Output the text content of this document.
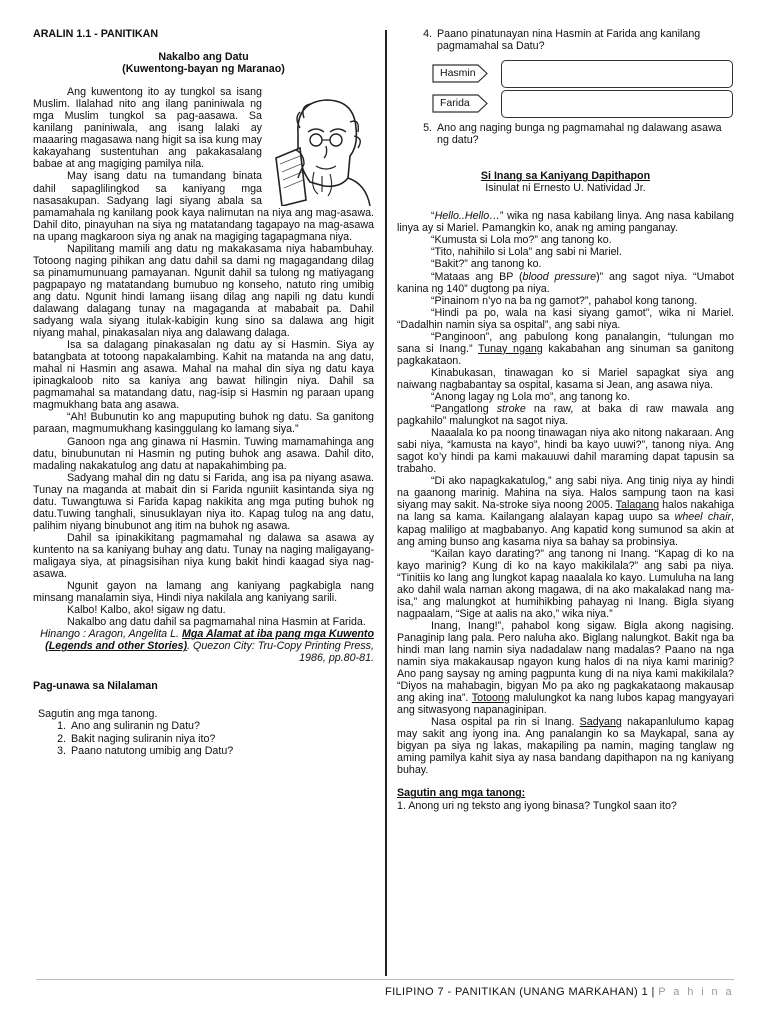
ARALIN 1.1 - PANITIKAN

Nakalbo ang Datu

(Kuwentong-bayan ng Maranao)

Ang kuwentong ito ay tungkol sa isang Muslim. Ilalahad nito ang ilang paniniwala ng mga Muslim tungkol sa pag-aasawa. Sa kanilang paniniwala, ang isang lalaki ay maaaring magasawa nang higit sa isa kung may kakayahang sustentuhan ang pakakasalang babae at ang magiging pamilya nila.

May isang datu na tumandang binata dahil sapaglilingkod sa kaniyang mga nasasakupan. Sadyang lagi siyang abala sa pamamahala ng kanilang pook kaya nalimutan na niya ang mag-asawa. Dahil dito, pinayuhan na siya ng matatandang tagapayo na mag-asawa na upang magkaroon siya ng anak na magiging tagapagmana niya.

Napilitang mamili ang datu ng makakasama niya habambuhay. Totoong naging pihikan ang datu dahil sa dami ng magagandang dilag sa pinamumunuang pamayanan. Ngunit dahil sa tulong ng matiyagang pagpapayo ng matatandang bumubuo ng konseho, natuto ring umibig ang datu. Ngunit hindi lamang iisang dilag ang napili ng datu kundi dalawang dalagang tunay na magaganda at mababait pa. Dahil sadyang wala siyang itulak-kabigin kung sino sa dalawa ang higit niyang mahal, pinakasalan niya ang dalawang dalaga.

Isa sa dalagang pinakasalan ng datu ay si Hasmin. Siya ay batangbata at totoong napakalambing. Kahit na matanda na ang datu, mahal ni Hasmin ang asawa. Mahal na mahal din siya ng datu kaya ipinagkaloob nito sa kaniya ang bawat hilingin niya. Dahil sa pagmamahal sa matandang datu, nag-isip si Hasmin ng paraan upang magmukhang bata ang asawa.

“Ah! Bubunutin ko ang mapuputing buhok ng datu. Sa ganitong paraan, magmumukhang kasinggulang ko lamang siya.”

Ganoon nga ang ginawa ni Hasmin. Tuwing mamamahinga ang datu, binubunutan ni Hasmin ng puting buhok ang asawa. Dahil dito, madaling nakakatulog ang datu at napakahimbing pa.

Sadyang mahal din ng datu si Farida, ang isa pa niyang asawa. Tunay na maganda at mabait din si Farida nguniit kasintanda siya ng datu. Tuwangtuwa si Farida kapag nakikita ang mga puting buhok ng datu.Tuwing tanghali, sinusuklayan niya ito. Kapag tulog na ang datu, palihim niyang binubunot ang itim na buhok ng asawa.

Dahil sa ipinakikitang pagmamahal ng dalawa sa asawa ay kuntento na sa kaniyang buhay ang datu. Tunay na naging maligayang-maligaya siya, at pinagsisihan niya kung bakit hindi kaagad siya nag-asawa.

Ngunit gayon na lamang ang kaniyang pagkabigla nang minsang manalamin siya, Hindi niya nakilala ang kaniyang sarili.

Kalbo! Kalbo, ako! sigaw ng datu.

Nakalbo ang datu dahil sa pagmamahal nina Hasmin at Farida.

Hinango : Aragon, Angelita L. Mga Alamat at iba pang mga Kuwento (Legends and other Stories). Quezon City: Tru-Copy Printing Press, 1986, pp.80-81.

Pag-unawa sa Nilalaman

Sagutin ang mga tanong.

1. Ano ang suliranin ng Datu?
2. Bakit naging suliranin niya ito?
3. Paano natutong umibig ang Datu?
4. Paano pinatunayan nina Hasmin at Farida ang kanilang pagmamahal sa Datu?
Hasmin
Farida
5. Ano ang naging bunga ng pagmamahal ng dalawang asawa ng datu?

Si Inang sa Kaniyang Dapithapon

Isinulat ni Ernesto U. Natividad Jr.

“Hello..Hello…” wika ng nasa kabilang linya. Ang nasa kabilang linya ay si Mariel. Pamangkin ko, anak ng aming panganay.

“Kumusta si Lola mo?” ang tanong ko.

“Tito, nahihilo si Lola” ang sabi ni Mariel.

“Bakit?” ang tanong ko.

“Mataas ang BP (blood pressure)” ang sagot niya. “Umabot kanina ng 140” dugtong pa niya.

“Pinainom n’yo na ba ng gamot?”, pahabol kong tanong.

“Hindi pa po, wala na kasi siyang gamot”, wika ni Mariel. “Dadalhin namin siya sa ospital”, ang sabi niya.

“Panginoon”, ang pabulong kong panalangin, “tulungan mo sana si Inang.” Tunay ngang kakabahan ang sinuman sa ganitong pagkakataon.

Kinabukasan, tinawagan ko si Mariel sapagkat siya ang naiwang nagbabantay sa ospital, kasama si Jean, ang asawa niya.

“Anong lagay ng Lola mo”, ang tanong ko.

“Pangatlong stroke na raw, at baka di raw mawala ang pagkahilo” malungkot na sagot niya.

Naaalala ko pa noong tinawagan niya ako nitong nakaraan. Ang sabi niya, “kamusta na kayo”, hindi ba kayo uuwi?”, tanong niya. Ang sagot ko’y hindi pa kami makauuwi dahil maraming dapat tapusin sa trabaho.

“Di ako napagkakatulog,” ang sabi niya. Ang tinig niya ay hindi na gaanong marinig. Mahina na siya. Halos sampung taon na kasi siyang may sakit. Na-stroke siya noong 2005. Talagang halos nakahiga na lang sa kama. Kailangang alalayan kapag uupo sa wheel chair, kapag maliligo at magbabanyo. Ang kapatid kong sumunod sa akin at ang aming bunso ang kasama niya sa bahay sa probinsiya.

“Kailan kayo darating?” ang tanong ni Inang. “Kapag di ko na kayo marinig? Kung di ko na kayo makikilala?” ang sabi pa niya. “Tinitiis ko lang ang lungkot kapag naaalala ko kayo. Lumuluha na lang ako dahil wala naman akong magawa, di na ako makalakad nang ma-isa,” ang malungkot at humihikbing pahayag ni Inang. Bigla siyang nagpaalam, “Sige at aalis na ako,” wika niya.”

Inang, Inang!”, pahabol kong sigaw. Bigla akong nagising. Panaginip lang pala. Pero naluha ako. Biglang nalungkot. Bakit nga ba hindi man lang namin siya nadadalaw nang madalas? Paano na nga namin siya makakausap ngayon kung halos di na niya kami marinig? Ano pang saysay ng aming pagpunta kung di na niya kami makikilala? “Diyos na mahabagin, bigyan Mo pa ako ng pagkakataong makausap ang aking ina”. Totoong malulungkot ka nang lubos kapag mangyayari ang sitwasyong napanaginipan.

Nasa ospital pa rin si Inang. Sadyang nakapanlulumo kapag may sakit ang iyong ina. Ang panalangin ko sa Maykapal, sana ay bigyan pa siya ng lakas, makapiling pa namin, maging tanglaw ng aming pamilya kahit siya ay nasa bandang dapithapon na ng kaniyang buhay.

Sagutin ang mga tanong:

1. Anong uri ng teksto ang iyong binasa? Tungkol saan ito?

FILIPINO 7 - PANITIKAN (UNANG MARKAHAN) 1 | P a h i n a
